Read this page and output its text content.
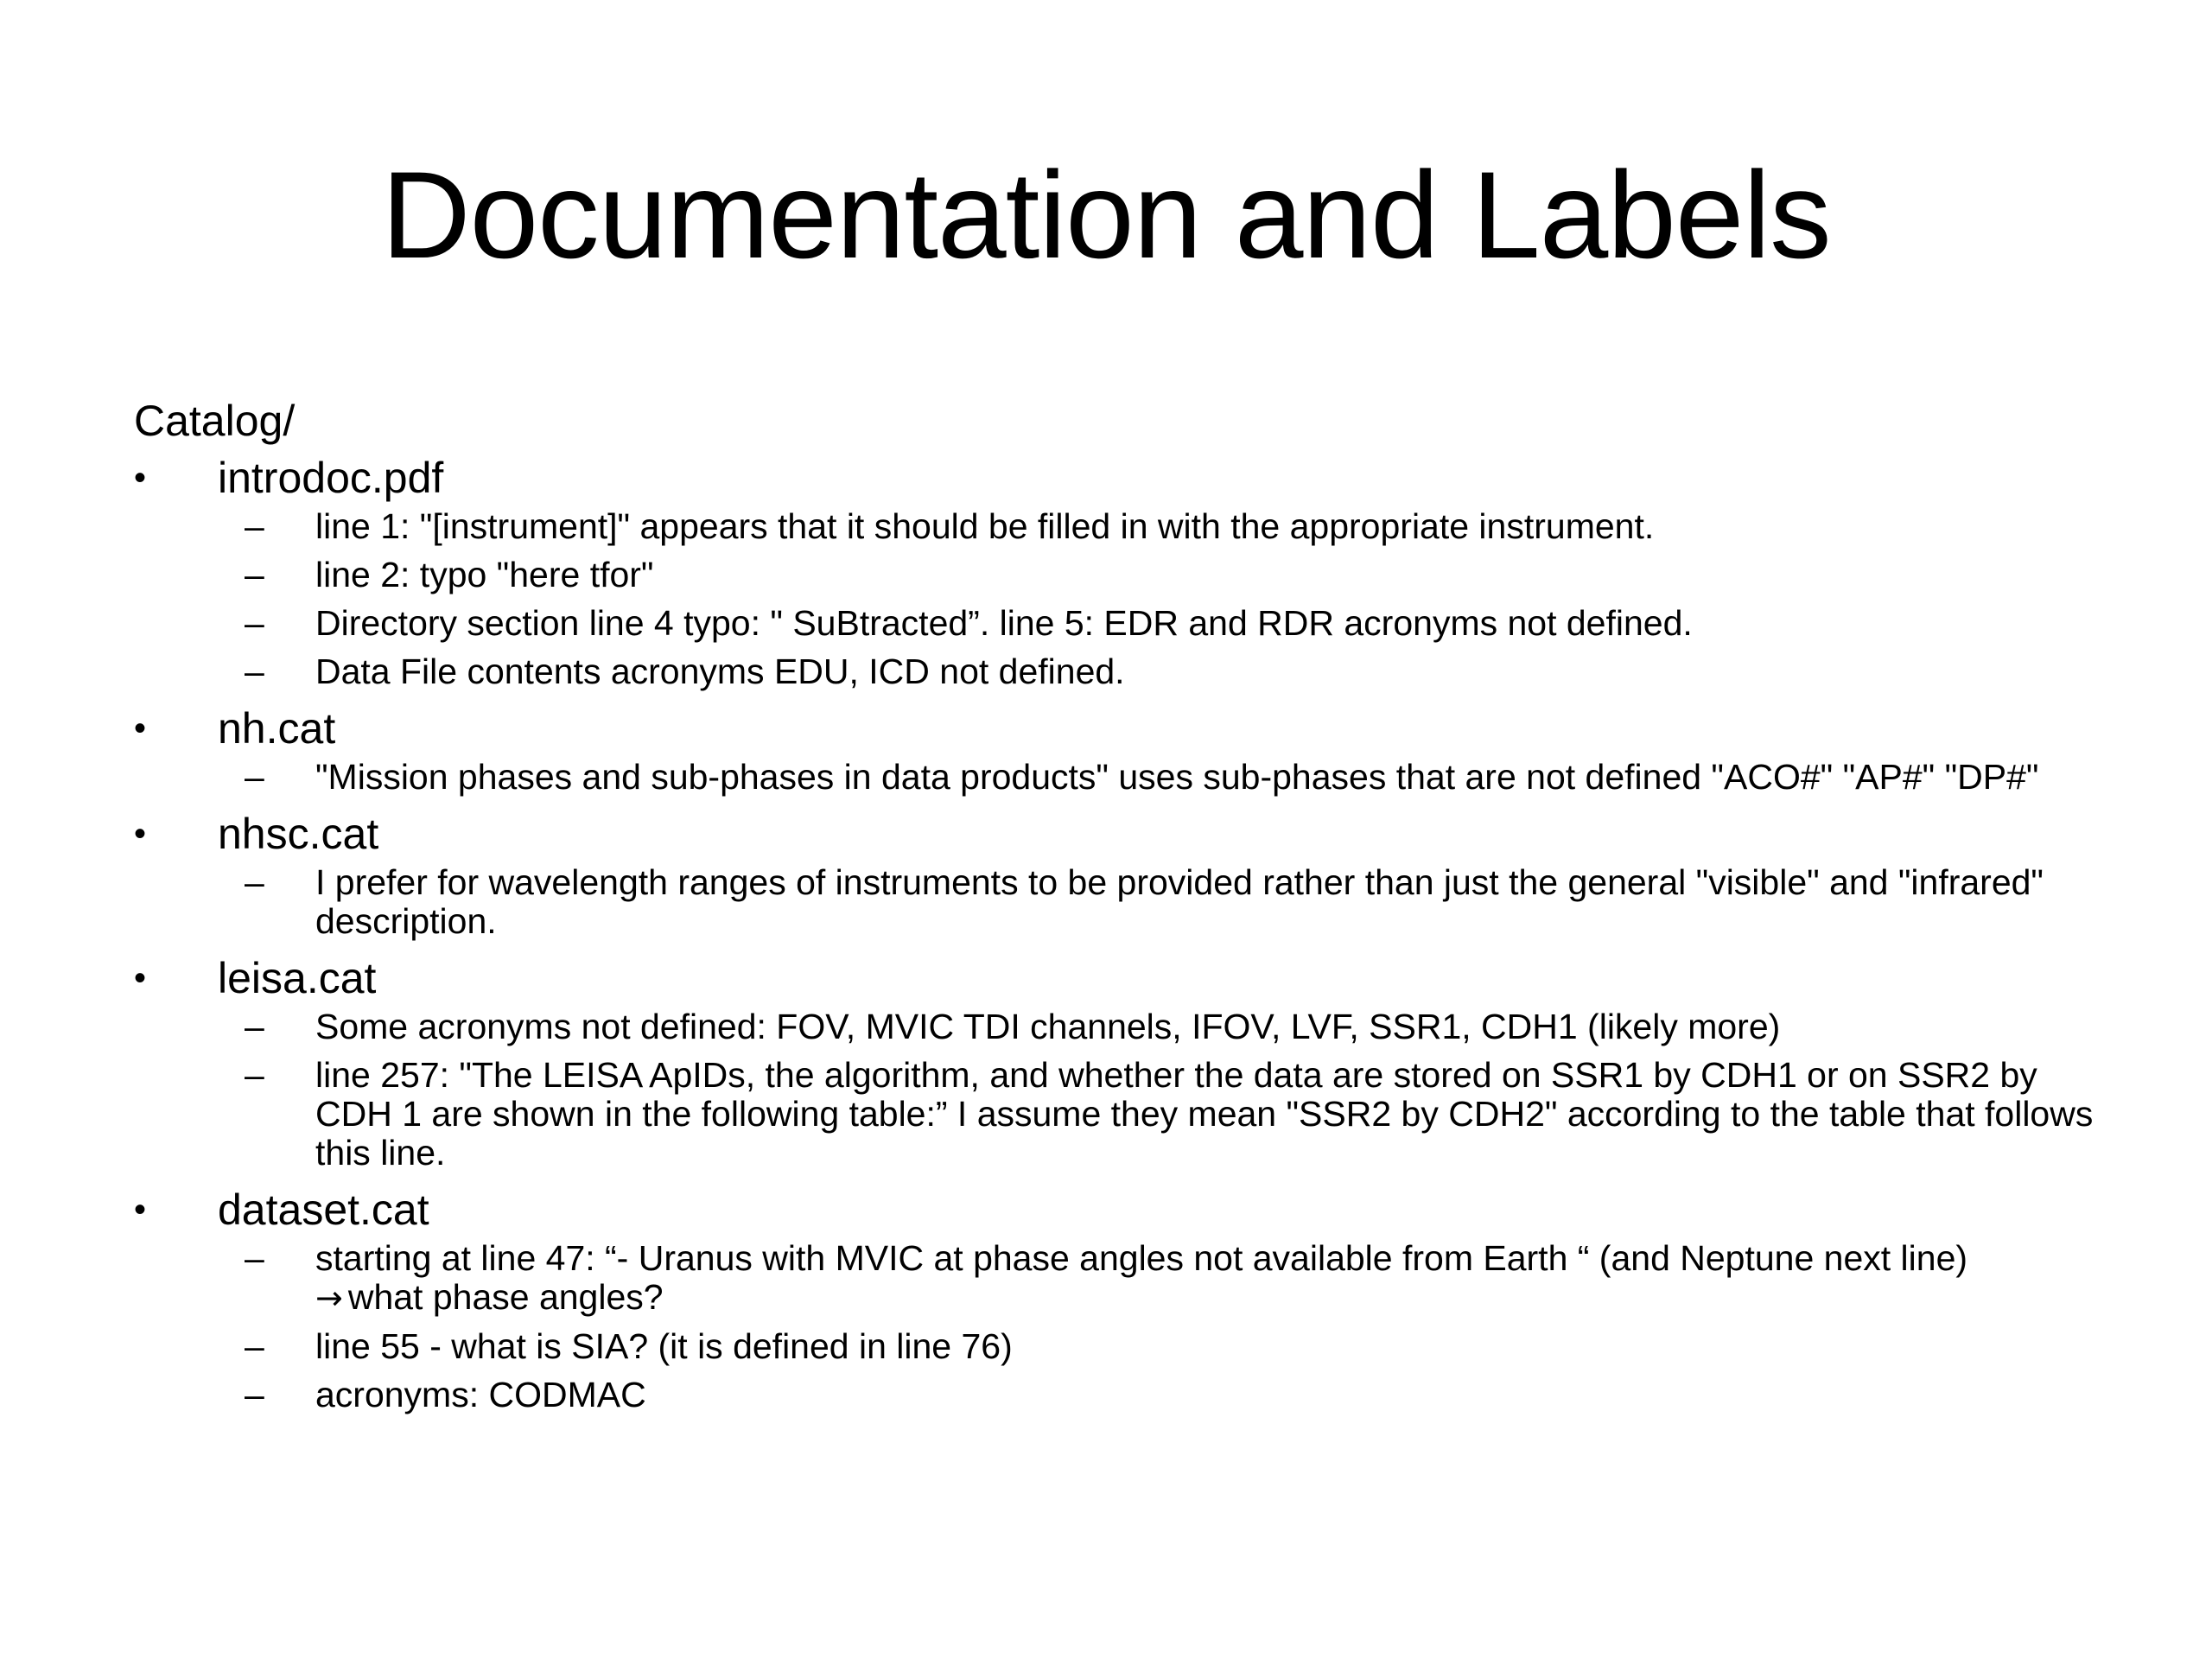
Documentation and Labels
Catalog/
• introdoc.pdf
– line 1: "[instrument]" appears that it should be filled in with the appropriate instrument.
– line 2: typo "here tfor"
– Directory section line 4 typo: " SuBtracted”. line 5: EDR and RDR acronyms not defined.
– Data File contents acronyms EDU, ICD not defined.
• nh.cat
– "Mission phases and sub-phases in data products" uses sub-phases that are not defined "ACO#" "AP#" "DP#"
• nhsc.cat
– I prefer for wavelength ranges of instruments to be provided rather than just the general "visible" and "infrared" description.
• leisa.cat
– Some acronyms not defined: FOV, MVIC TDI channels, IFOV, LVF, SSR1, CDH1 (likely more)
– line 257: "The LEISA ApIDs, the algorithm, and whether the data are stored on SSR1 by CDH1 or on SSR2 by CDH 1 are shown in the following table:” I assume they mean "SSR2 by CDH2" according to the table that follows this line.
• dataset.cat
– starting at line 47: “- Uranus with MVIC at phase angles not available from Earth “ (and Neptune next line)
→ what phase angles?
– line 55 - what is SIA? (it is defined in line 76)
– acronyms: CODMAC
